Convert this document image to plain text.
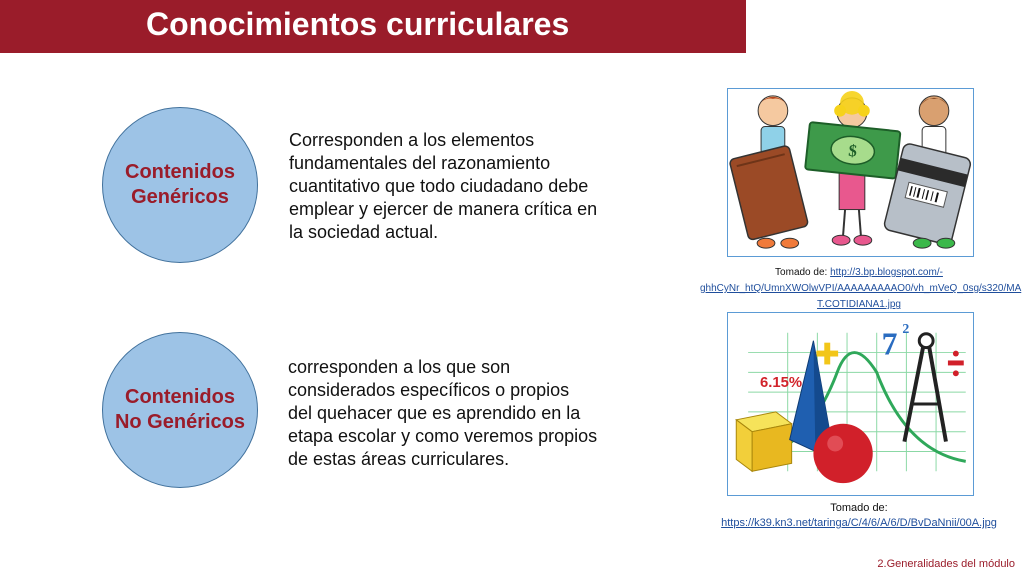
Conocimientos curriculares
Contenidos
Genéricos
Corresponden a los elementos
fundamentales del razonamiento
cuantitativo que todo ciudadano debe
emplear y ejercer de manera crítica en
la sociedad actual.
Contenidos
No Genéricos
corresponden a los que son
considerados específicos o propios
del quehacer que es aprendido en la
etapa escolar y como veremos propios
de estas áreas curriculares.
$
Tomado de: http://3.bp.blogspot.com/-
ghhCyNr_htQ/UmnXWOlwVPI/AAAAAAAAAO0/vh_mVeQ_0sg/s320/MA
T.COTIDIANA1.jpg
6.15%
7 2
Tomado de:
https://k39.kn3.net/taringa/C/4/6/A/6/D/BvDaNnii/00A.jpg
2.Generalidades del módulo
